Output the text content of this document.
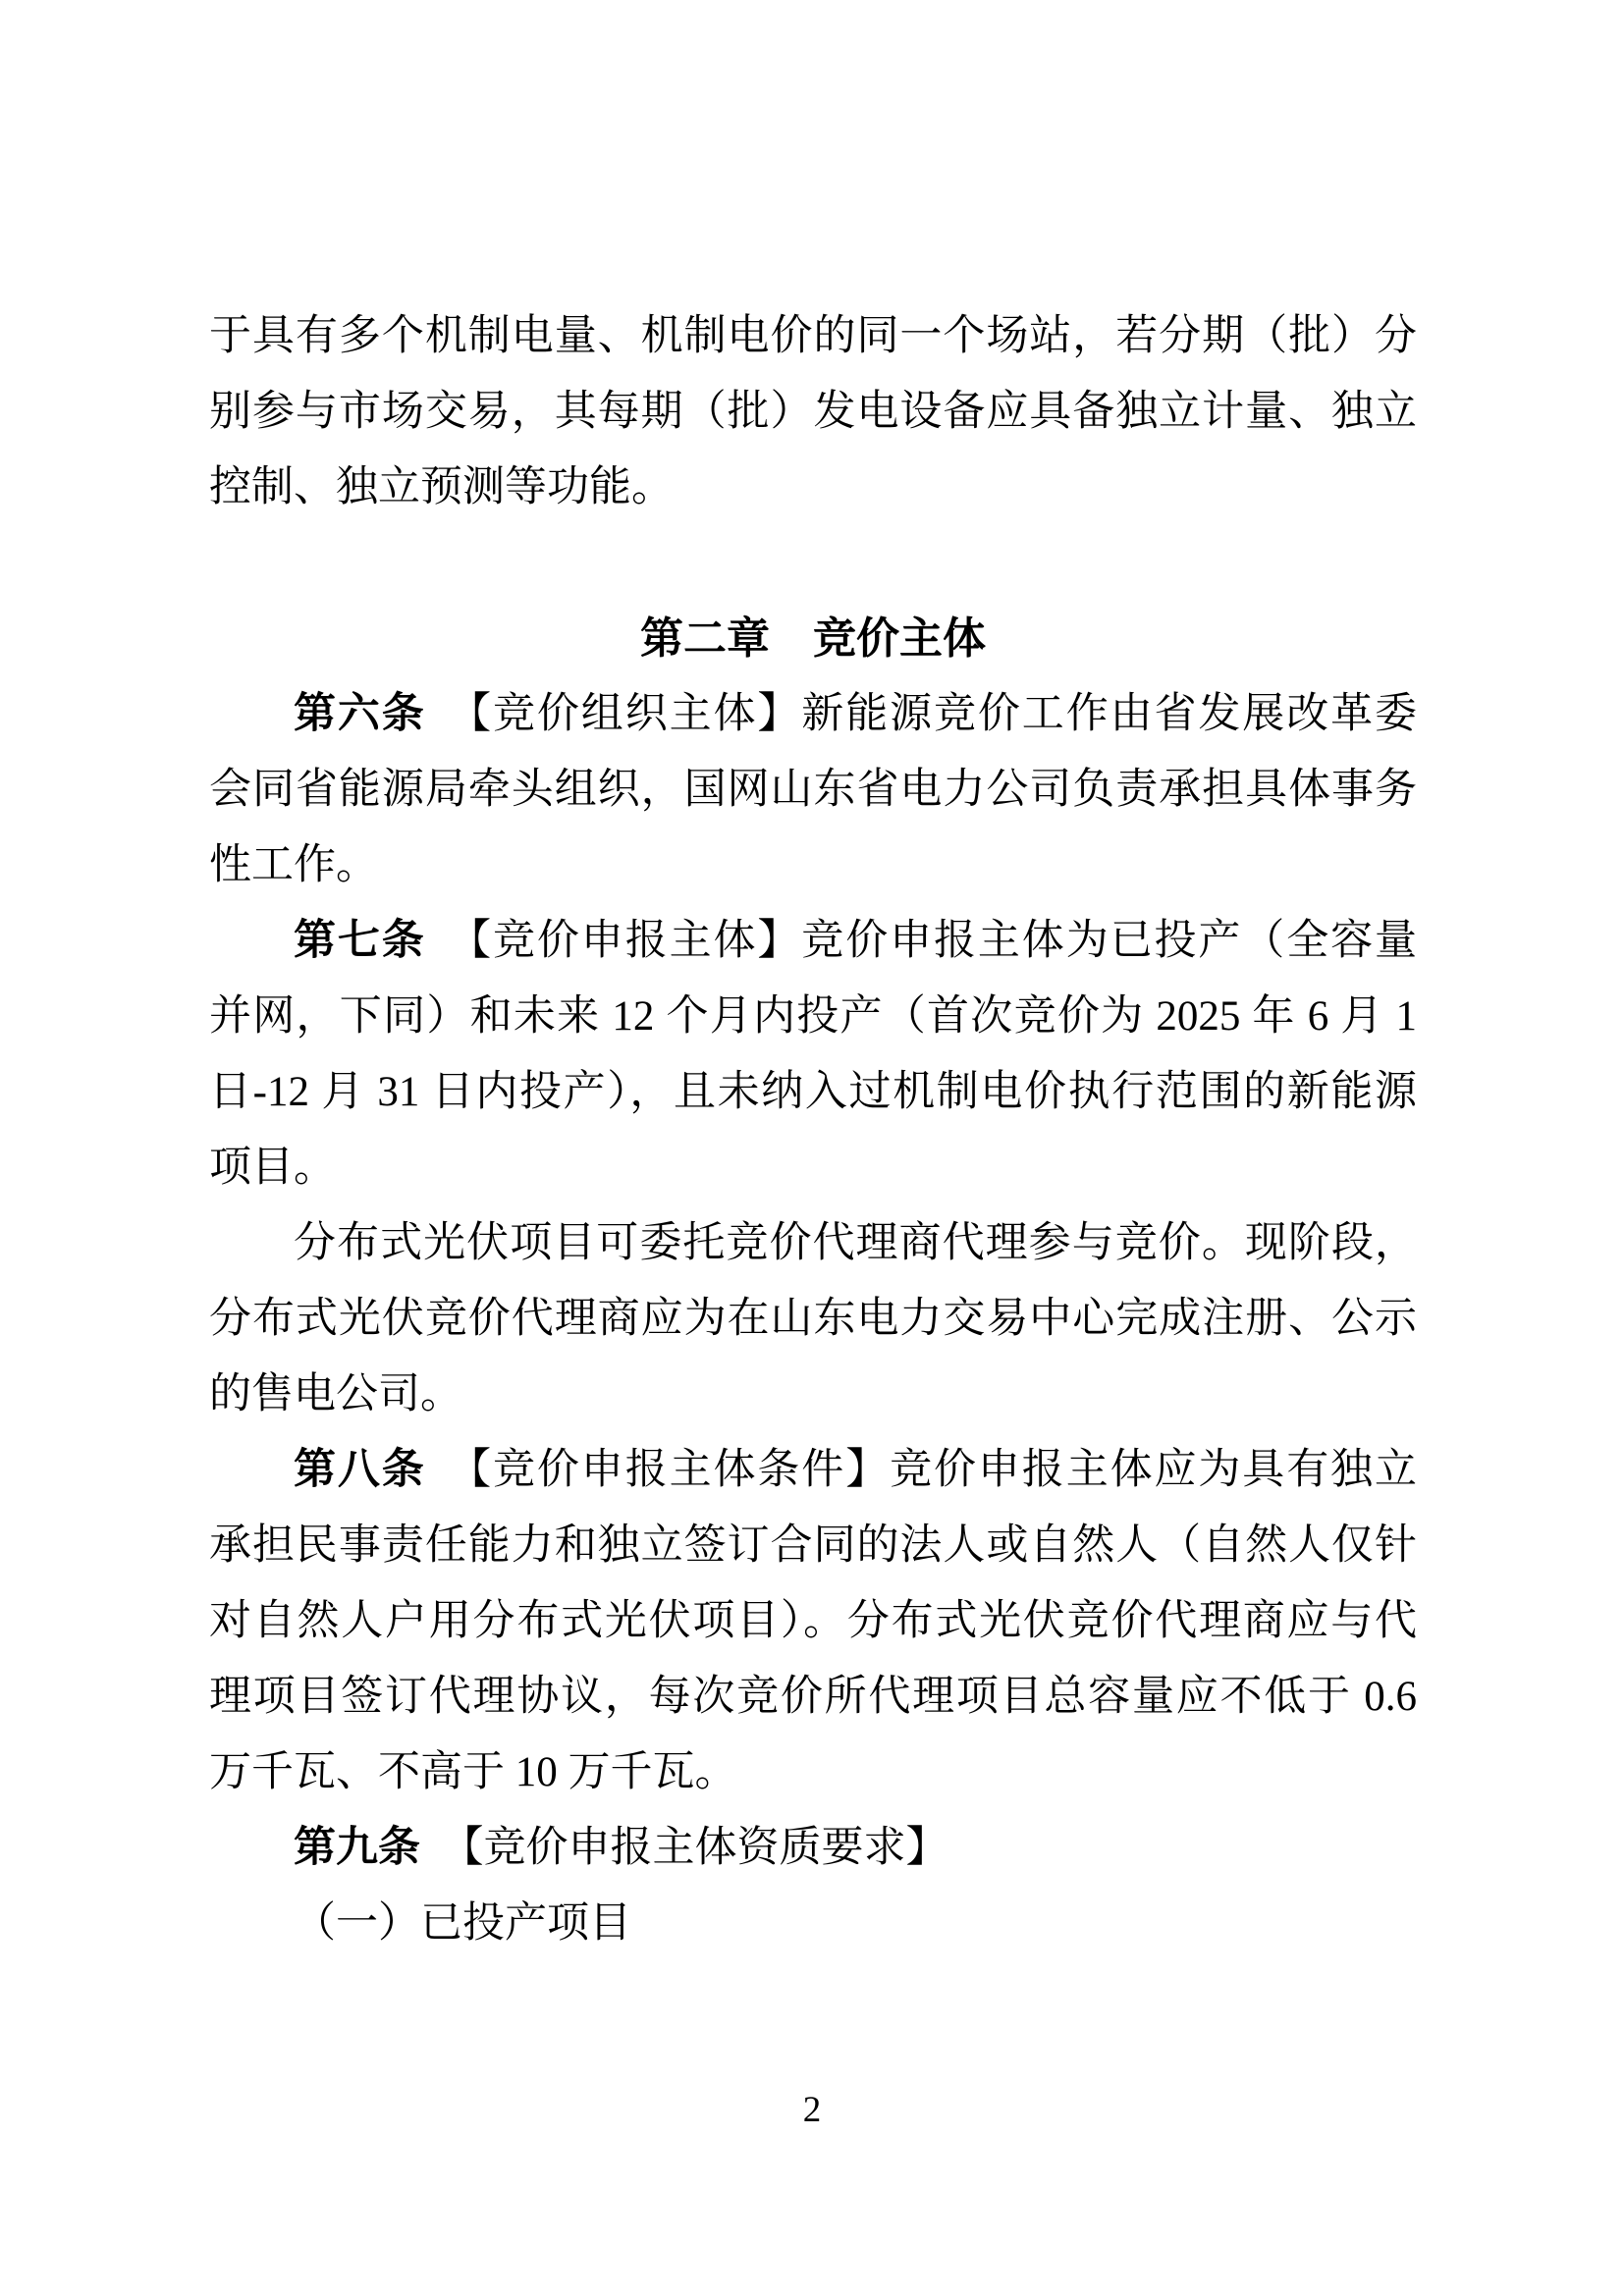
于具有多个机制电量、机制电价的同一个场站，若分期（批）分
别参与市场交易，其每期（批）发电设备应具备独立计量、独立
控制、独立预测等功能。
第二章　竞价主体
第六条　【竞价组织主体】新能源竞价工作由省发展改革委
会同省能源局牵头组织，国网山东省电力公司负责承担具体事务
性工作。
第七条　【竞价申报主体】竞价申报主体为已投产（全容量
并网，下同）和未来 12 个月内投产（首次竞价为 2025 年 6 月 1
日-12 月 31 日内投产），且未纳入过机制电价执行范围的新能源
项目。
分布式光伏项目可委托竞价代理商代理参与竞价。现阶段，
分布式光伏竞价代理商应为在山东电力交易中心完成注册、公示
的售电公司。
第八条　【竞价申报主体条件】竞价申报主体应为具有独立
承担民事责任能力和独立签订合同的法人或自然人（自然人仅针
对自然人户用分布式光伏项目）。分布式光伏竞价代理商应与代
理项目签订代理协议，每次竞价所代理项目总容量应不低于 0.6
万千瓦、不高于 10 万千瓦。
第九条　【竞价申报主体资质要求】
（一）已投产项目
2
